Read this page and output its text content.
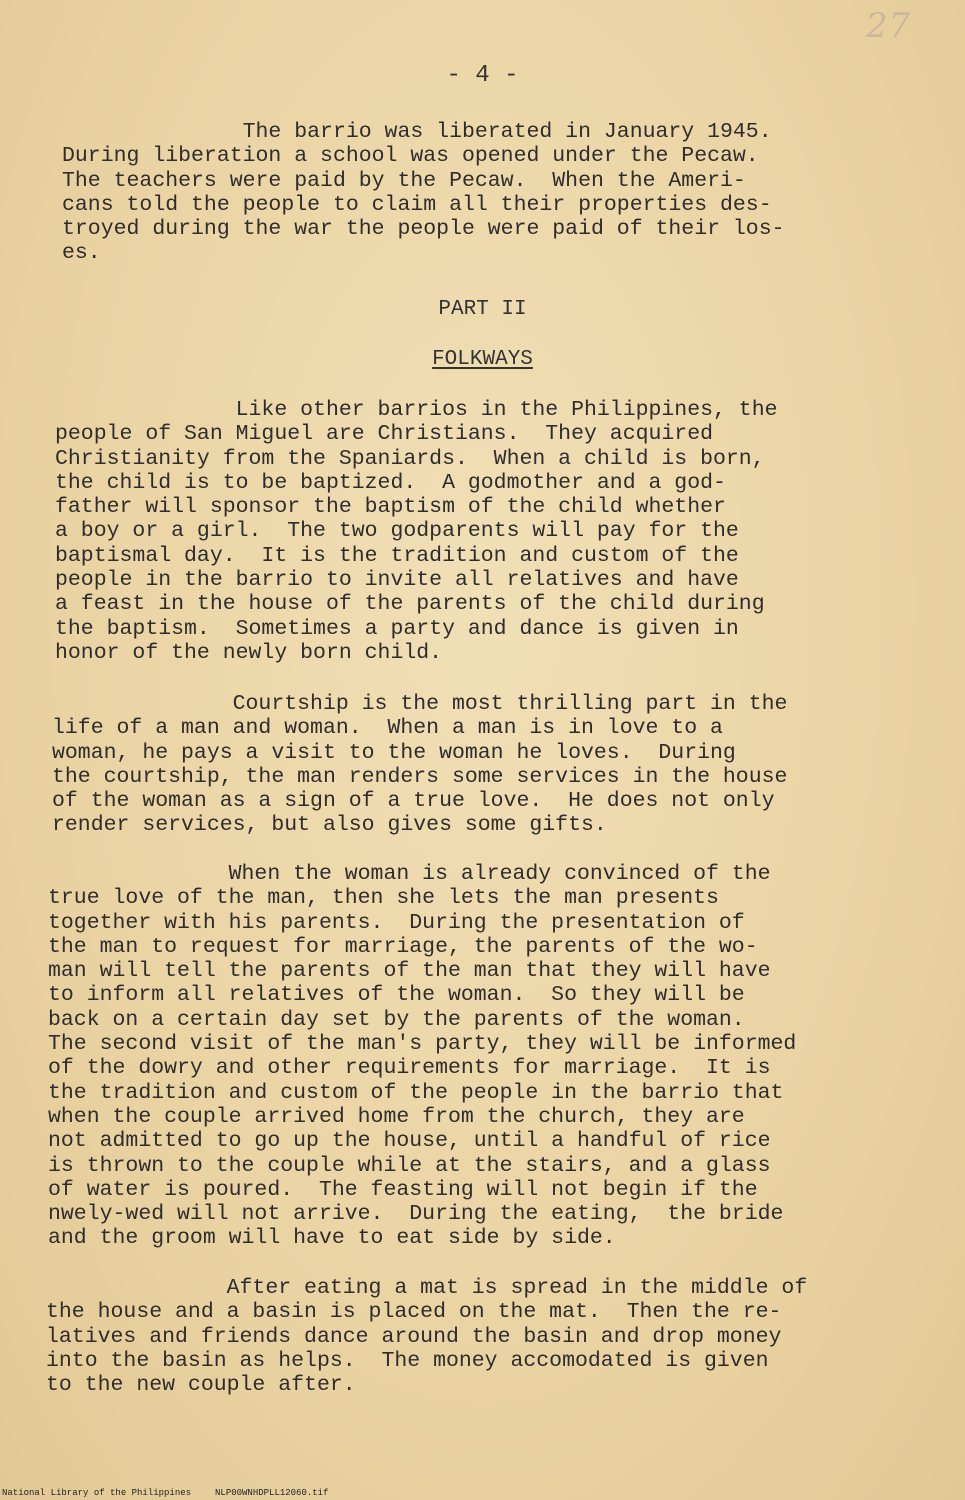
27
- 4 -

The barrio was liberated in January 1945.
During liberation a school was opened under the Pecaw.
The teachers were paid by the Pecaw.  When the Ameri-
cans told the people to claim all their properties des-
troyed during the war the people were paid of their los-
es.

PART II
FOLKWAYS

Like other barrios in the Philippines, the
people of San Miguel are Christians.  They acquired
Christianity from the Spaniards.  When a child is born,
the child is to be baptized.  A godmother and a god-
father will sponsor the baptism of the child whether
a boy or a girl.  The two godparents will pay for the
baptismal day.  It is the tradition and custom of the
people in the barrio to invite all relatives and have
a feast in the house of the parents of the child during
the baptism.  Sometimes a party and dance is given in
honor of the newly born child.

Courtship is the most thrilling part in the
life of a man and woman.  When a man is in love to a
woman, he pays a visit to the woman he loves.  During
the courtship, the man renders some services in the house
of the woman as a sign of a true love.  He does not only
render services, but also gives some gifts.

When the woman is already convinced of the
true love of the man, then she lets the man presents
together with his parents.  During the presentation of
the man to request for marriage, the parents of the wo-
man will tell the parents of the man that they will have
to inform all relatives of the woman.  So they will be
back on a certain day set by the parents of the woman.
The second visit of the man's party, they will be informed
of the dowry and other requirements for marriage.  It is
the tradition and custom of the people in the barrio that
when the couple arrived home from the church, they are
not admitted to go up the house, until a handful of rice
is thrown to the couple while at the stairs, and a glass
of water is poured.  The feasting will not begin if the
nwely-wed will not arrive.  During the eating,  the bride
and the groom will have to eat side by side.

After eating a mat is spread in the middle of
the house and a basin is placed on the mat.  Then the re-
latives and friends dance around the basin and drop money
into the basin as helps.  The money accomodated is given
to the new couple after.

National Library of the Philippines	NLP00WNHDPLL12060.tif
